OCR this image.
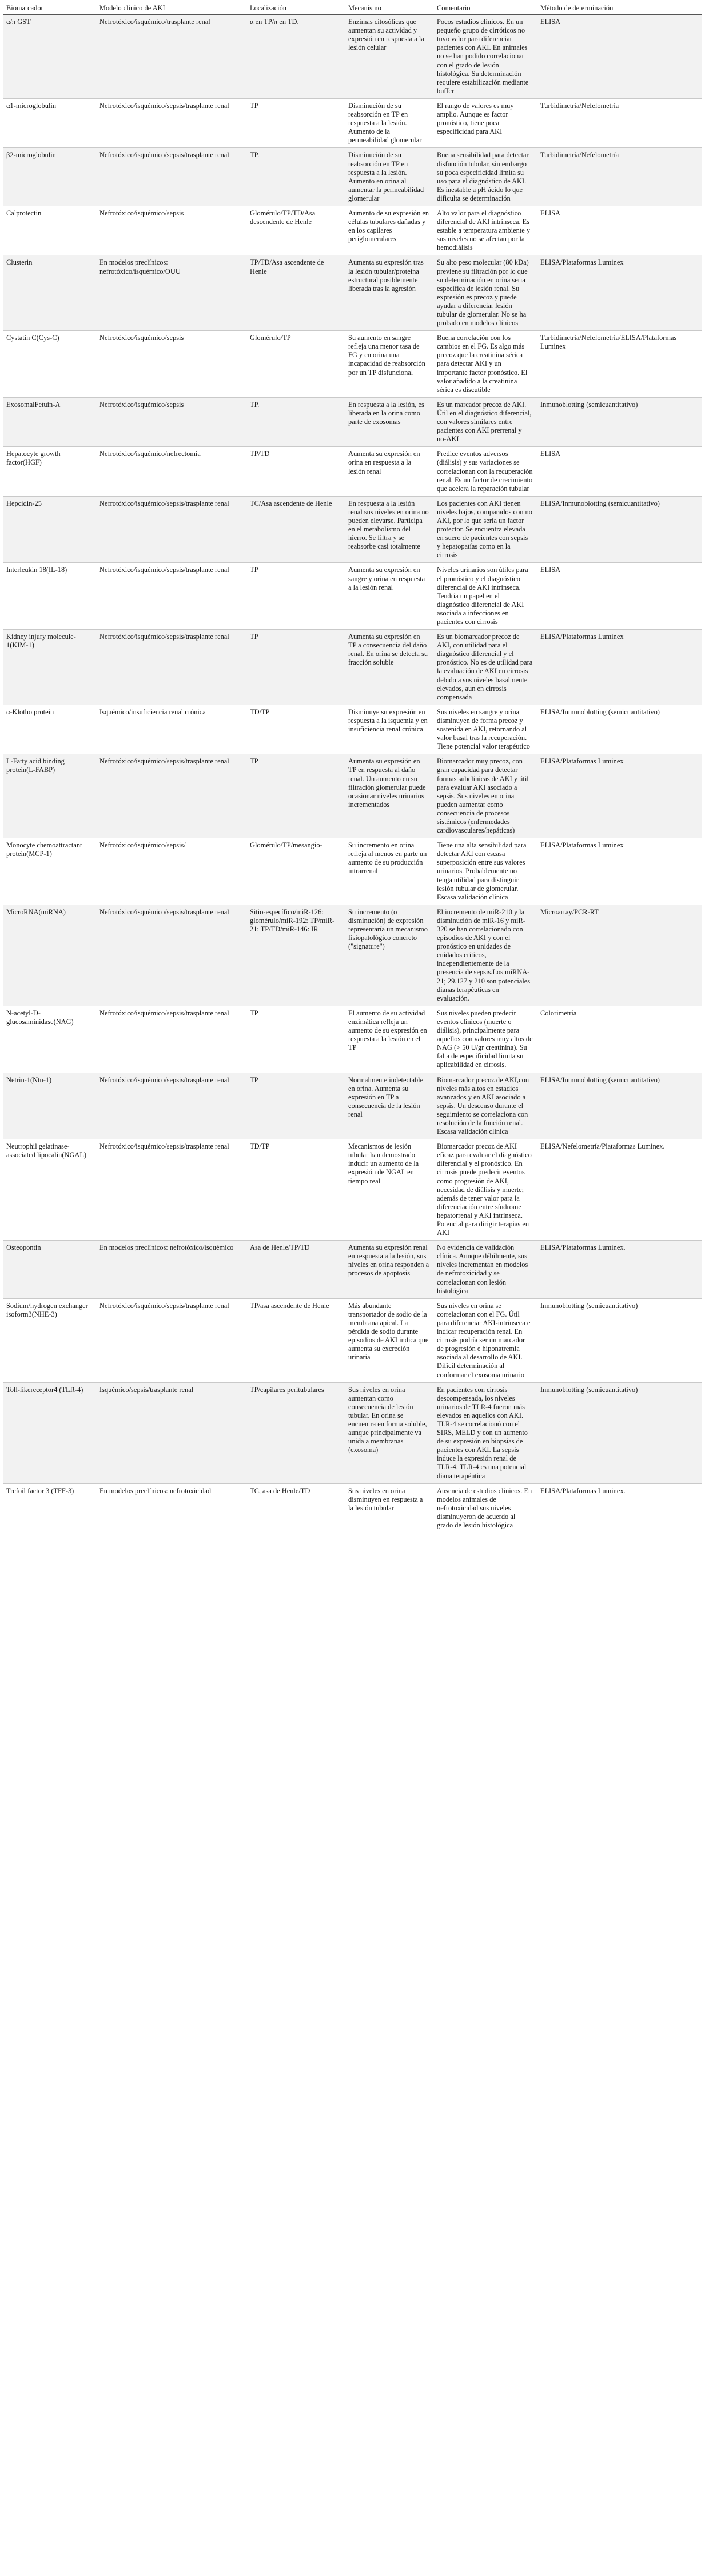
Biomarcador	Modelo clínico de AKI	Localización	Mecanismo	Comentario	Método de determinación
α/π GST	Nefrotóxico/isquémico/trasplante renal	α en TP/π en TD.	Enzimas citosólicas que aumentan su actividad y expresión en respuesta a la lesión celular	Pocos estudios clínicos. En un pequeño grupo de cirróticos no tuvo valor para diferenciar pacientes con AKI. En animales no se han podido correlacionar con el grado de lesión histológica. Su determinación requiere estabilización mediante buffer	ELISA
α1-microglobulin	Nefrotóxico/isquémico/sepsis/trasplante renal	TP	Disminución de su reabsorción en TP en respuesta a la lesión. Aumento de la permeabilidad glomerular	El rango de valores es muy amplio. Aunque es factor pronóstico, tiene poca especificidad para AKI	Turbidimetría/Nefelometría
β2-microglobulin	Nefrotóxico/isquémico/sepsis/trasplante renal	TP.	Disminución de su reabsorción en TP en respuesta a la lesión. Aumento en orina al aumentar la permeabilidad glomerular	Buena sensibilidad para detectar disfunción tubular, sin embargo su poca especificidad limita su uso para el diagnóstico de AKI. Es inestable a pH ácido lo que dificulta se determinación	Turbidimetría/Nefelometría
Calprotectin	Nefrotóxico/isquémico/sepsis	Glomérulo/TP/TD/Asa descendente de Henle	Aumento de su expresión en células tubulares dañadas y en los capilares periglomerulares	Alto valor para el diagnóstico diferencial de AKI intrínseca. Es estable a temperatura ambiente y sus niveles no se afectan por la hemodiálisis	ELISA
Clusterin	En modelos preclínicos: nefrotóxico/isquémico/OUU	TP/TD/Asa ascendente de Henle	Aumenta su expresión tras la lesión tubular/proteína estructural posiblemente liberada tras la agresión	Su alto peso molecular (80 kDa) previene su filtración por lo que su determinación en orina seria específica de lesión renal. Su expresión es precoz y puede ayudar a diferenciar lesión tubular de glomerular. No se ha probado en modelos clínicos	ELISA/Plataformas Luminex
Cystatin C(Cys-C)	Nefrotóxico/isquémico/sepsis	Glomérulo/TP	Su aumento en sangre refleja una menor tasa de FG y en orina una incapacidad de reabsorción por un TP disfuncional	Buena correlación con los cambios en el FG. Es algo más precoz que la creatinina sérica para detectar AKI y un importante factor pronóstico. El valor añadido a la creatinina sérica es discutible	Turbidimetría/Nefelometría/ELISA/Plataformas Luminex
ExosomalFetuin-A	Nefrotóxico/isquémico/sepsis	TP.	En respuesta a la lesión, es liberada en la orina como parte de exosomas	Es un marcador precoz de AKI. Útil en el diagnóstico diferencial, con valores similares entre pacientes con AKI prerrenal y no-AKI	Inmunoblotting (semicuantitativo)
Hepatocyte growth factor(HGF)	Nefrotóxico/isquémico/nefrectomía	TP/TD	Aumenta su expresión en orina en respuesta a la lesión renal	Predice eventos adversos (diálisis) y sus variaciones se correlacionan con la recuperación renal. Es un factor de crecimiento que acelera la reparación tubular	ELISA
Hepcidin-25	Nefrotóxico/isquémico/sepsis/trasplante renal	TC/Asa ascendente de Henle	En respuesta a la lesión renal sus niveles en orina no pueden elevarse. Participa en el metabolismo del hierro. Se filtra y se reabsorbe casi totalmente	Los pacientes con AKI tienen niveles bajos, comparados con no AKI, por lo que sería un factor protector. Se encuentra elevada en suero de pacientes con sepsis y hepatopatías como en la cirrosis	ELISA/Inmunoblotting (semicuantitativo)
Interleukin 18(IL-18)	Nefrotóxico/isquémico/sepsis/trasplante renal	TP	Aumenta su expresión en sangre y orina en respuesta a la lesión renal	Niveles urinarios son útiles para el pronóstico y el diagnóstico diferencial de AKI intrínseca. Tendría un papel en el diagnóstico diferencial de AKI asociada a infecciones en pacientes con cirrosis	ELISA
Kidney injury molecule-1(KIM-1)	Nefrotóxico/isquémico/sepsis/trasplante renal	TP	Aumenta su expresión en TP a consecuencia del daño renal. En orina se detecta su fracción soluble	Es un biomarcador precoz de AKI, con utilidad para el diagnóstico diferencial y el pronóstico. No es de utilidad para la evaluación de AKI en cirrosis debido a sus niveles basalmente elevados, aun en cirrosis compensada	ELISA/Plataformas Luminex
α-Klotho protein	Isquémico/insuficiencia renal crónica	TD/TP	Disminuye su expresión en respuesta a la isquemia y en insuficiencia renal crónica	Sus niveles en sangre y orina disminuyen de forma precoz y sostenida en AKI, retornando al valor basal tras la recuperación. Tiene potencial valor terapéutico	ELISA/Inmunoblotting (semicuantitativo)
L-Fatty acid binding protein(L-FABP)	Nefrotóxico/isquémico/sepsis/trasplante renal	TP	Aumenta su expresión en TP en respuesta al daño renal. Un aumento en su filtración glomerular puede ocasionar niveles urinarios incrementados	Biomarcador muy precoz, con gran capacidad para detectar formas subclínicas de AKI y útil para evaluar AKI asociado a sepsis. Sus niveles en orina pueden aumentar como consecuencia de procesos sistémicos (enfermedades cardiovasculares/hepáticas)	ELISA/Plataformas Luminex
Monocyte chemoattractant protein(MCP-1)	Nefrotóxico/isquémico/sepsis/	Glomérulo/TP/mesangio-	Su incremento en orina refleja al menos en parte un aumento de su producción intrarrenal	Tiene una alta sensibilidad para detectar AKI con escasa superposición entre sus valores urinarios. Probablemente no tenga utilidad para distinguir lesión tubular de glomerular. Escasa validación clínica	ELISA/Plataformas Luminex
MicroRNA(miRNA)	Nefrotóxico/isquémico/sepsis/trasplante renal	Sitio-específico/miR-126: glomérulo/miR-192: TP/miR-21: TP/TD/miR-146: IR	Su incremento (o disminución) de expresión representaría un mecanismo fisiopatológico concreto ("signature")	El incremento de miR-210 y la disminución de miR-16 y miR-320 se han correlacionado con episodios de AKI y con el pronóstico en unidades de cuidados críticos, independientemente de la presencia de sepsis.Los miRNA-21; 29.127 y 210 son potenciales dianas terapéuticas en evaluación.	Microarray/PCR-RT
N-acetyl-D-glucosaminidase(NAG)	Nefrotóxico/isquémico/sepsis/trasplante renal	TP	El aumento de su actividad enzimática refleja un aumento de su expresión en respuesta a la lesión en el TP	Sus niveles pueden predecir eventos clínicos (muerte o diálisis), principalmente para aquellos con valores muy altos de NAG (> 50 U/gr creatinina). Su falta de especificidad limita su aplicabilidad en cirrosis.	Colorimetría
Netrin-1(Ntn-1)	Nefrotóxico/isquémico/sepsis/trasplante renal	TP	Normalmente indetectable en orina. Aumenta su expresión en TP a consecuencia de la lesión renal	Biomarcador precoz de AKI,con niveles más altos en estadios avanzados y en AKI asociado a sepsis. Un descenso durante el seguimiento se correlaciona con resolución de la función renal. Escasa validación clínica	ELISA/Inmunoblotting (semicuantitativo)
Neutrophil gelatinase-associated lipocalin(NGAL)	Nefrotóxico/isquémico/sepsis/trasplante renal	TD/TP	Mecanismos de lesión tubular han demostrado inducir un aumento de la expresión de NGAL en tiempo real	Biomarcador precoz de AKI eficaz para evaluar el diagnóstico diferencial y el pronóstico. En cirrosis puede predecir eventos como progresión de AKI, necesidad de diálisis y muerte; además de tener valor para la diferenciación entre síndrome hepatorrenal y AKI intrínseca. Potencial para dirigir terapias en AKI	ELISA/Nefelometría/Plataformas Luminex.
Osteopontin	En modelos preclínicos: nefrotóxico/isquémico	Asa de Henle/TP/TD	Aumenta su expresión renal en respuesta a la lesión, sus niveles en orina responden a procesos de apoptosis	No evidencia de validación clínica. Aunque débilmente, sus niveles incrementan en modelos de nefrotoxicidad y se correlacionan con lesión histológica	ELISA/Plataformas Luminex.
Sodium/hydrogen exchanger isoform3(NHE-3)	Nefrotóxico/isquémico/sepsis/trasplante renal	TP/asa ascendente de Henle	Más abundante transportador de sodio de la membrana apical. La pérdida de sodio durante episodios de AKI indica que aumenta su excreción urinaria	Sus niveles en orina se correlacionan con el FG. Útil para diferenciar AKI-intrínseca e indicar recuperación renal. En cirrosis podría ser un marcador de progresión e hiponatremia asociada al desarrollo de AKI. Difícil determinación al conformar el exosoma urinario	Inmunoblotting (semicuantitativo)
Toll-likereceptor4 (TLR-4)	Isquémico/sepsis/trasplante renal	TP/capilares peritubulares	Sus niveles en orina aumentan como consecuencia de lesión tubular. En orina se encuentra en forma soluble, aunque principalmente va unida a membranas (exosoma)	En pacientes con cirrosis descompensada, los niveles urinarios de TLR-4 fueron más elevados en aquellos con AKI. TLR-4 se correlacionó con el SIRS, MELD y con un aumento de su expresión en biopsias de pacientes con AKI. La sepsis induce la expresión renal de TLR-4. TLR-4 es una potencial diana terapéutica	Inmunoblotting (semicuantitativo)
Trefoil factor 3 (TFF-3)	En modelos preclínicos: nefrotoxicidad	TC, asa de Henle/TD	Sus niveles en orina disminuyen en respuesta a la lesión tubular	Ausencia de estudios clínicos. En modelos animales de nefrotoxicidad sus niveles disminuyeron de acuerdo al grado de lesión histológica	ELISA/Plataformas Luminex.
